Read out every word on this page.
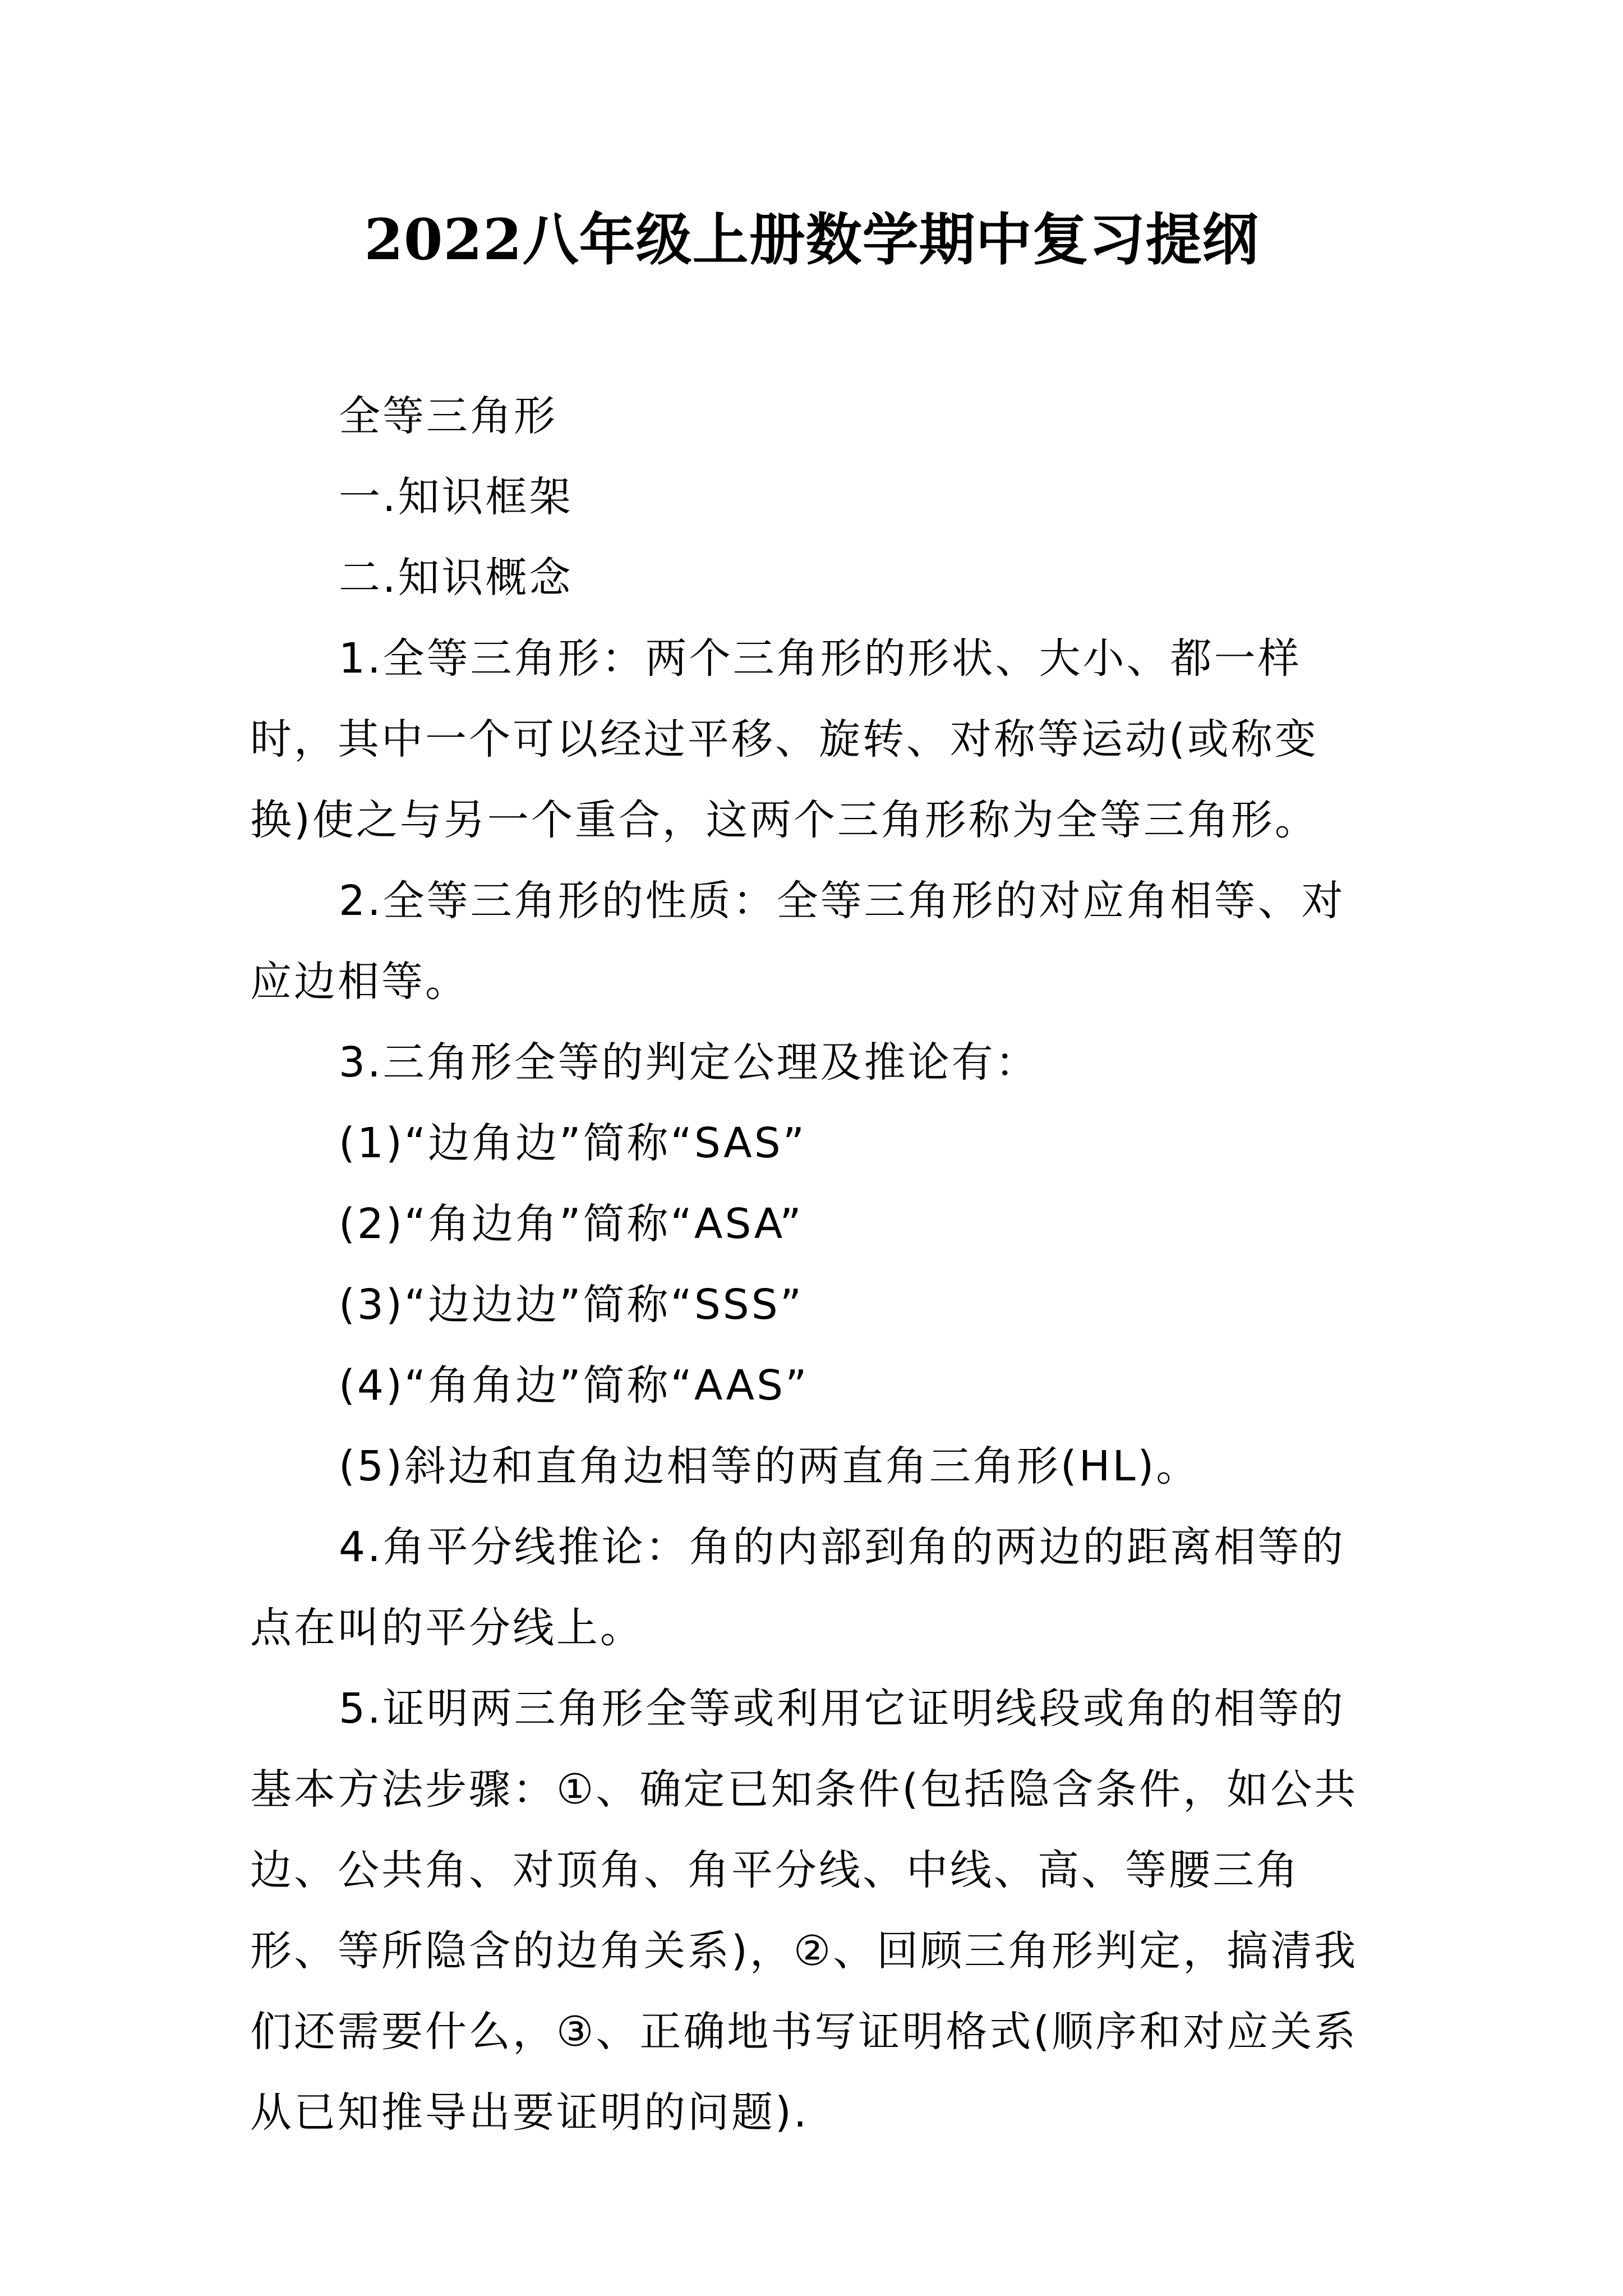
2022八年级上册数学期中复习提纲

全等三角形

一.知识框架

二.知识概念

1.全等三角形：两个三角形的形状、大小、都一样时，其中一个可以经过平移、旋转、对称等运动(或称变换)使之与另一个重合，这两个三角形称为全等三角形。

2.全等三角形的性质：全等三角形的对应角相等、对应边相等。

3.三角形全等的判定公理及推论有：

(1)“边角边”简称“SAS”

(2)“角边角”简称“ASA”

(3)“边边边”简称“SSS”

(4)“角角边”简称“AAS”

(5)斜边和直角边相等的两直角三角形(HL)。

4.角平分线推论：角的内部到角的两边的距离相等的点在叫的平分线上。

5.证明两三角形全等或利用它证明线段或角的相等的基本方法步骤：①、确定已知条件(包括隐含条件，如公共边、公共角、对顶角、角平分线、中线、高、等腰三角形、等所隐含的边角关系)，②、回顾三角形判定，搞清我们还需要什么，③、正确地书写证明格式(顺序和对应关系从已知推导出要证明的问题).
